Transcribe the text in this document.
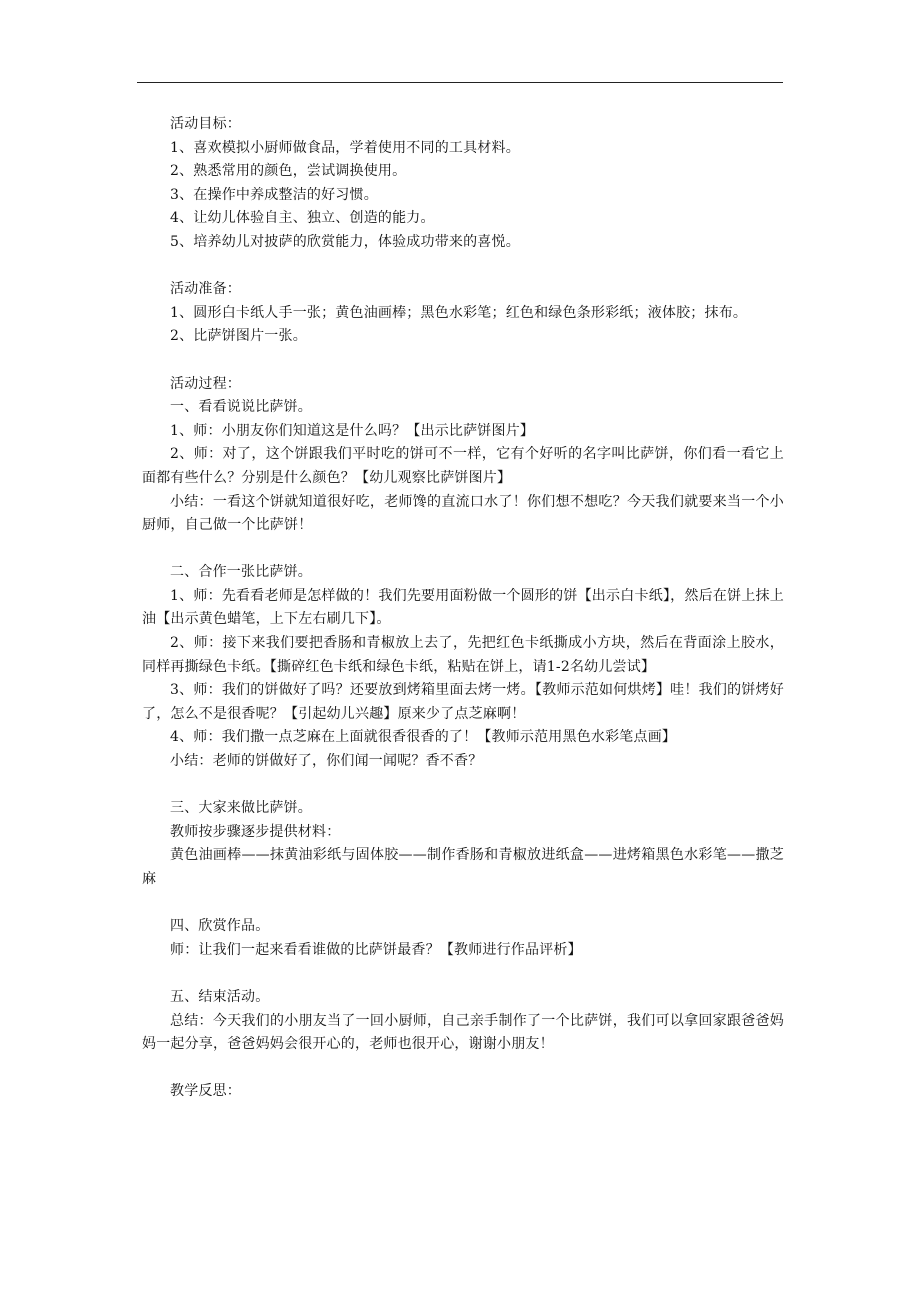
活动目标：

1、喜欢模拟小厨师做食品，学着使用不同的工具材料。

2、熟悉常用的颜色，尝试调换使用。

3、在操作中养成整洁的好习惯。

4、让幼儿体验自主、独立、创造的能力。

5、培养幼儿对披萨的欣赏能力，体验成功带来的喜悦。

活动准备：

1、圆形白卡纸人手一张；黄色油画棒；黑色水彩笔；红色和绿色条形彩纸；液体胶；抹布。

2、比萨饼图片一张。

活动过程：

一、看看说说比萨饼。

1、师：小朋友你们知道这是什么吗？【出示比萨饼图片】

2、师：对了，这个饼跟我们平时吃的饼可不一样，它有个好听的名字叫比萨饼，你们看一看它上面都有些什么？分别是什么颜色？【幼儿观察比萨饼图片】

小结：一看这个饼就知道很好吃，老师馋的直流口水了！你们想不想吃？今天我们就要来当一个小厨师，自己做一个比萨饼！

二、合作一张比萨饼。

1、师：先看看老师是怎样做的！我们先要用面粉做一个圆形的饼【出示白卡纸】，然后在饼上抹上油【出示黄色蜡笔，上下左右刷几下】。

2、师：接下来我们要把香肠和青椒放上去了，先把红色卡纸撕成小方块，然后在背面涂上胶水，同样再撕绿色卡纸。【撕碎红色卡纸和绿色卡纸，粘贴在饼上，请1-2名幼儿尝试】

3、师：我们的饼做好了吗？还要放到烤箱里面去烤一烤。【教师示范如何烘烤】哇！我们的饼烤好了，怎么不是很香呢？【引起幼儿兴趣】原来少了点芝麻啊！

4、师：我们撒一点芝麻在上面就很香很香的了！【教师示范用黑色水彩笔点画】

小结：老师的饼做好了，你们闻一闻呢？香不香？

三、大家来做比萨饼。

教师按步骤逐步提供材料：

黄色油画棒——抹黄油彩纸与固体胶——制作香肠和青椒放进纸盒——进烤箱黑色水彩笔——撒芝麻

四、欣赏作品。

师：让我们一起来看看谁做的比萨饼最香？【教师进行作品评析】

五、结束活动。

总结：今天我们的小朋友当了一回小厨师，自己亲手制作了一个比萨饼，我们可以拿回家跟爸爸妈妈一起分享，爸爸妈妈会很开心的，老师也很开心，谢谢小朋友！

教学反思：
